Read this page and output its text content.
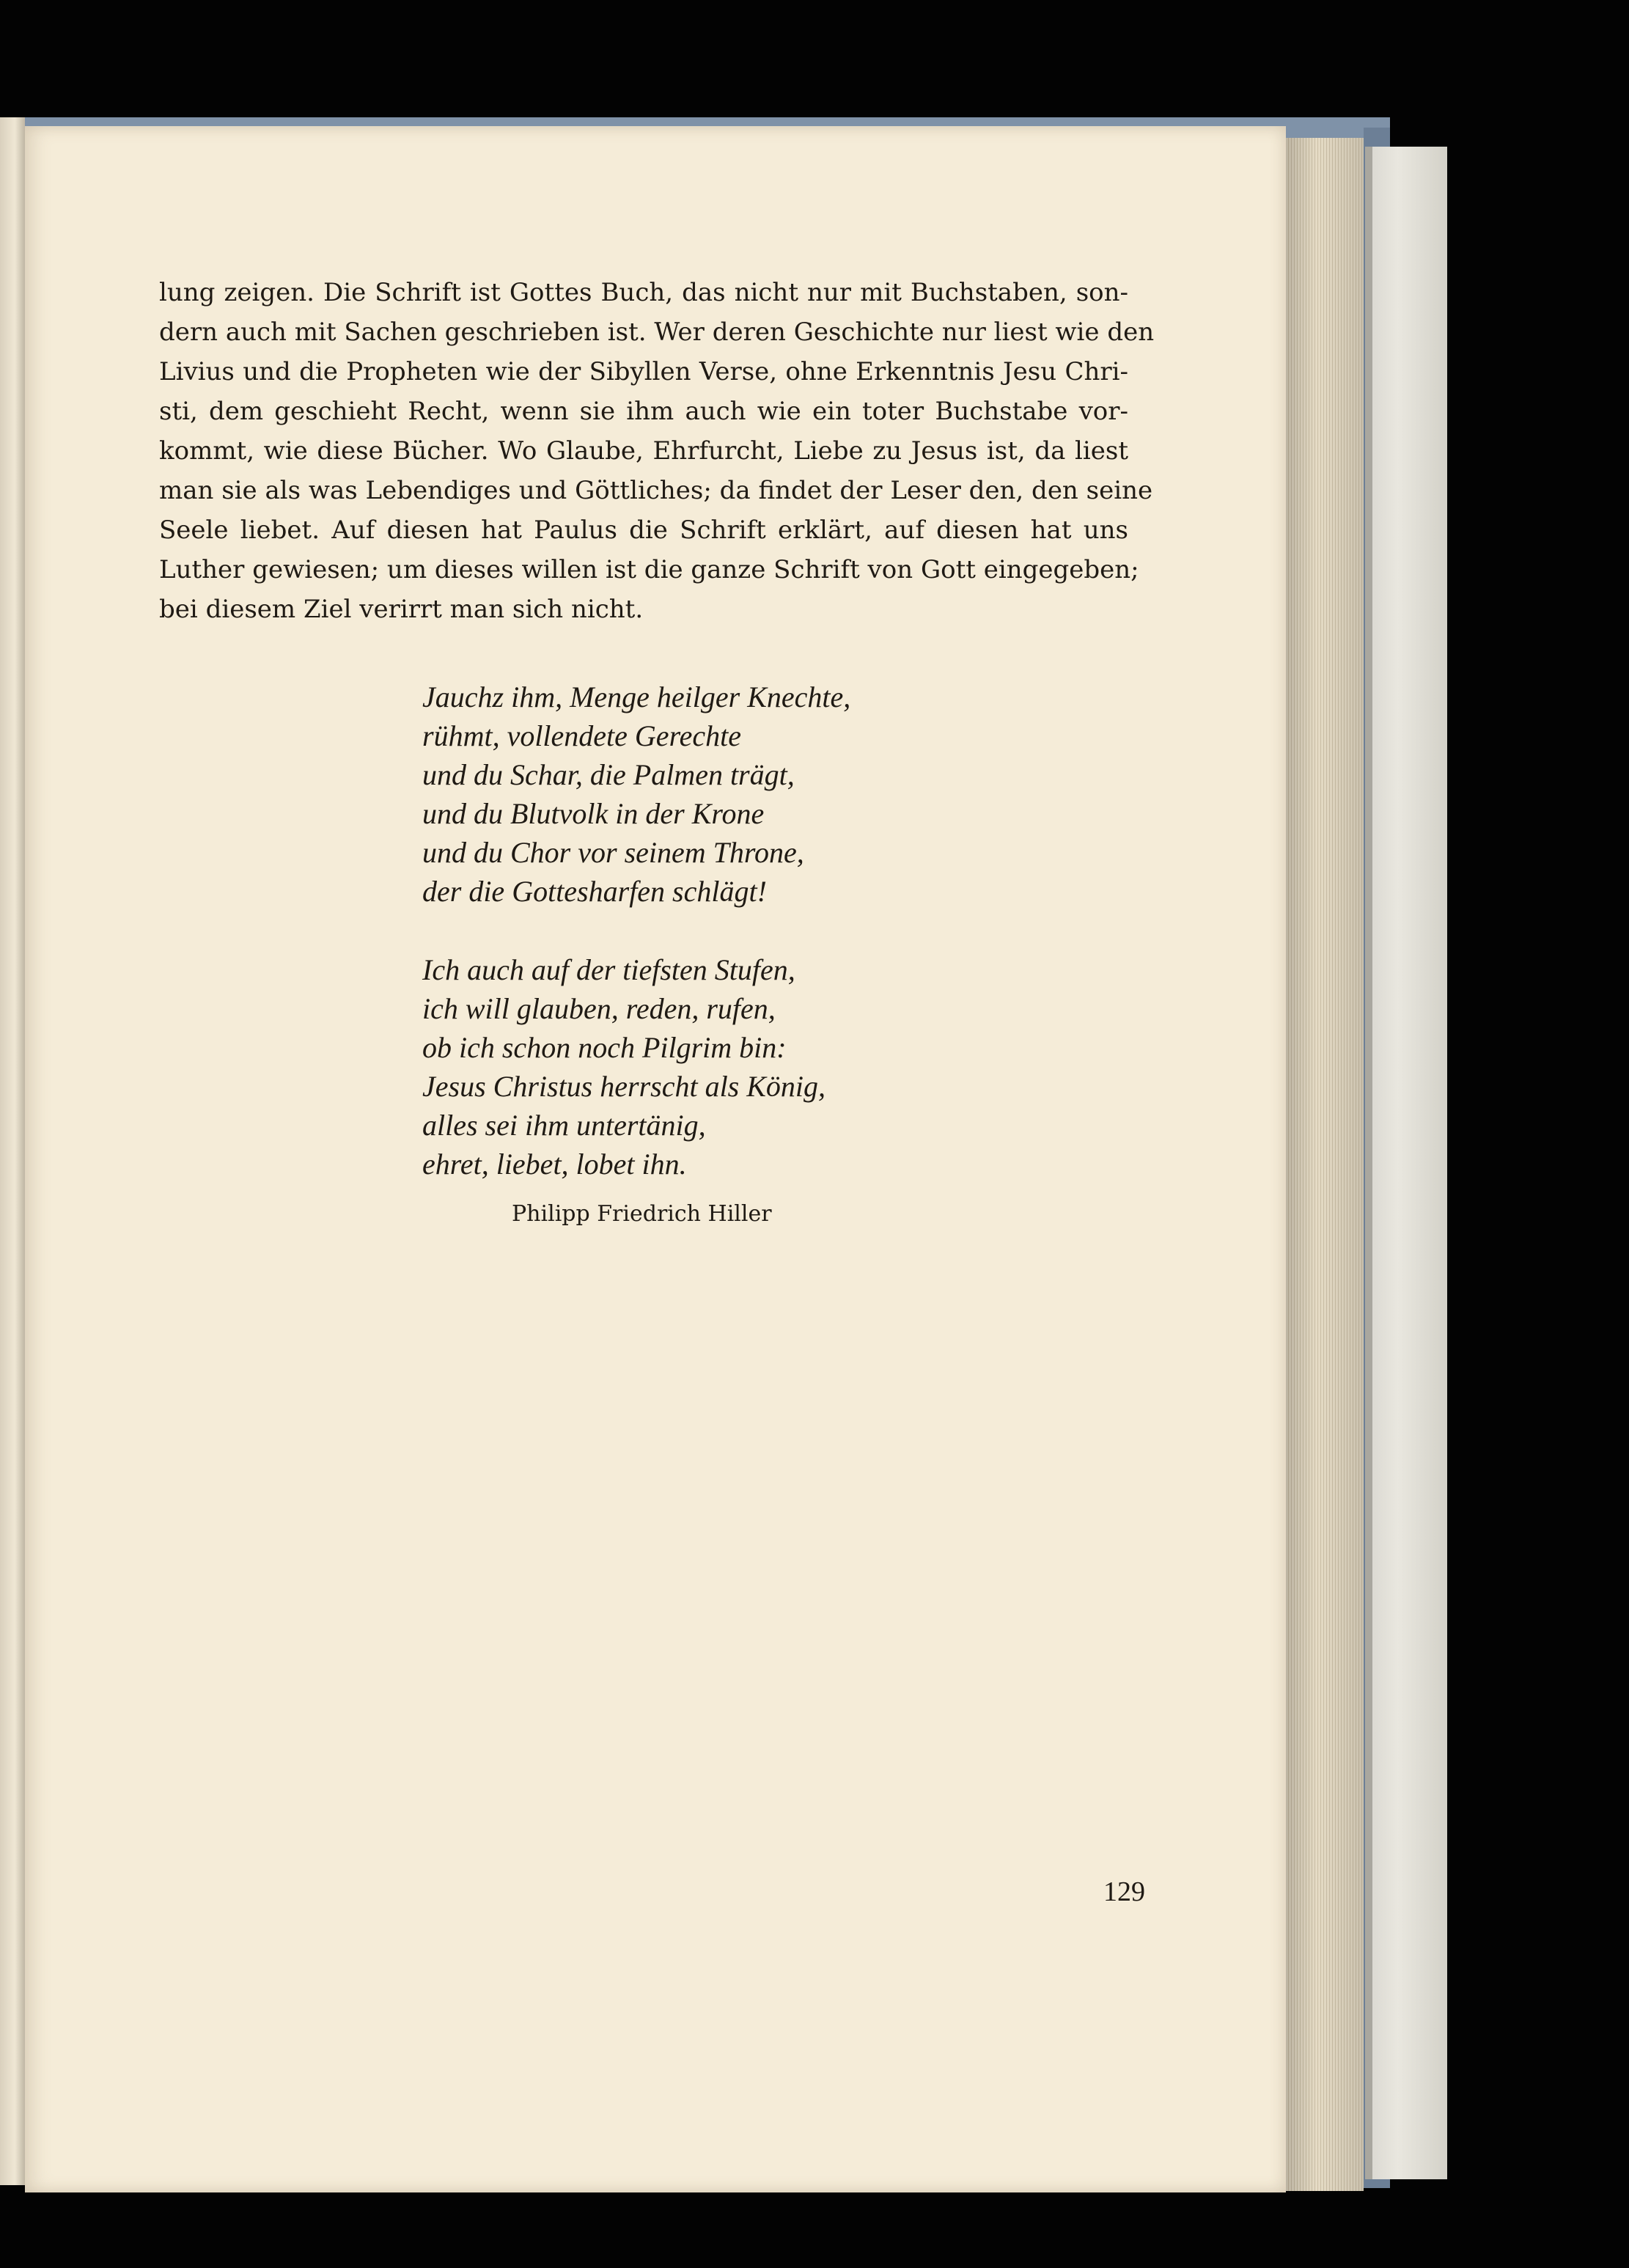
lung zeigen. Die Schrift ist Gottes Buch, das nicht nur mit Buchstaben, son-
dern auch mit Sachen geschrieben ist. Wer deren Geschichte nur liest wie den
Livius und die Propheten wie der Sibyllen Verse, ohne Erkenntnis Jesu Chri-
sti, dem geschieht Recht, wenn sie ihm auch wie ein toter Buchstabe vor-
kommt, wie diese Bücher. Wo Glaube, Ehrfurcht, Liebe zu Jesus ist, da liest
man sie als was Lebendiges und Göttliches; da findet der Leser den, den seine
Seele liebet. Auf diesen hat Paulus die Schrift erklärt, auf diesen hat uns
Luther gewiesen; um dieses willen ist die ganze Schrift von Gott eingegeben;
bei diesem Ziel verirrt man sich nicht.

Jauchz ihm, Menge heilger Knechte,
rühmt, vollendete Gerechte
und du Schar, die Palmen trägt,
und du Blutvolk in der Krone
und du Chor vor seinem Throne,
der die Gottesharfen schlägt!
Ich auch auf der tiefsten Stufen,
ich will glauben, reden, rufen,
ob ich schon noch Pilgrim bin:
Jesus Christus herrscht als König,
alles sei ihm untertänig,
ehret, liebet, lobet ihn.
Philipp Friedrich Hiller
129
